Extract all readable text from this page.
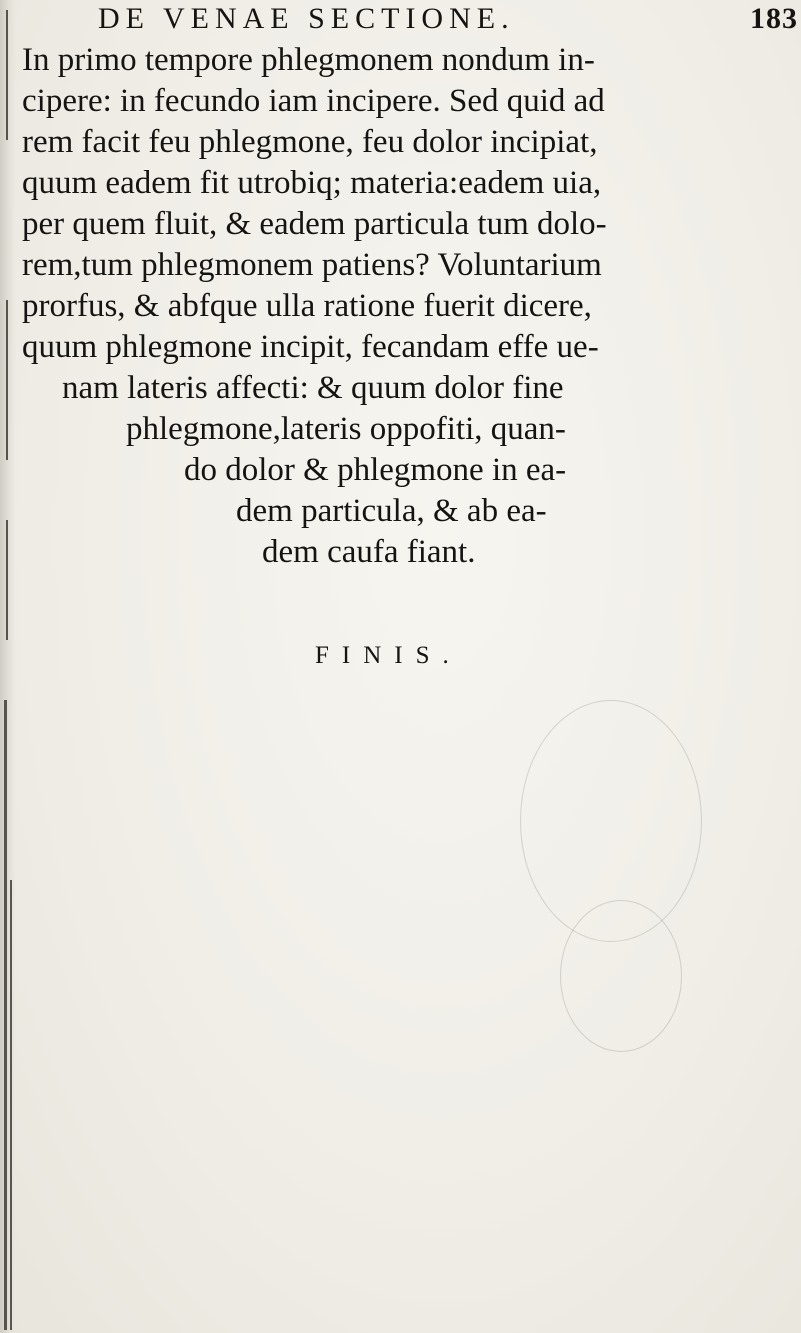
DE VENAE SECTIONE.	183
In primo tempore phlegmonem nondum in-
cipere: in fecundo iam incipere. Sed quid ad
rem facit feu phlegmone, feu dolor incipiat,
quum eadem fit utrobiq; materia:eadem uia,
per quem fluit, & eadem particula tum dolo-
rem,tum phlegmonem patiens? Voluntarium
prorfus, & abfque ulla ratione fuerit dicere,
quum phlegmone incipit, fecandam effe ue-
nam lateris affecti: & quum dolor fine
phlegmone,lateris oppofiti, quan-
do dolor & phlegmone in ea-
dem particula, & ab ea-
dem caufa fiant.
FINIS.
